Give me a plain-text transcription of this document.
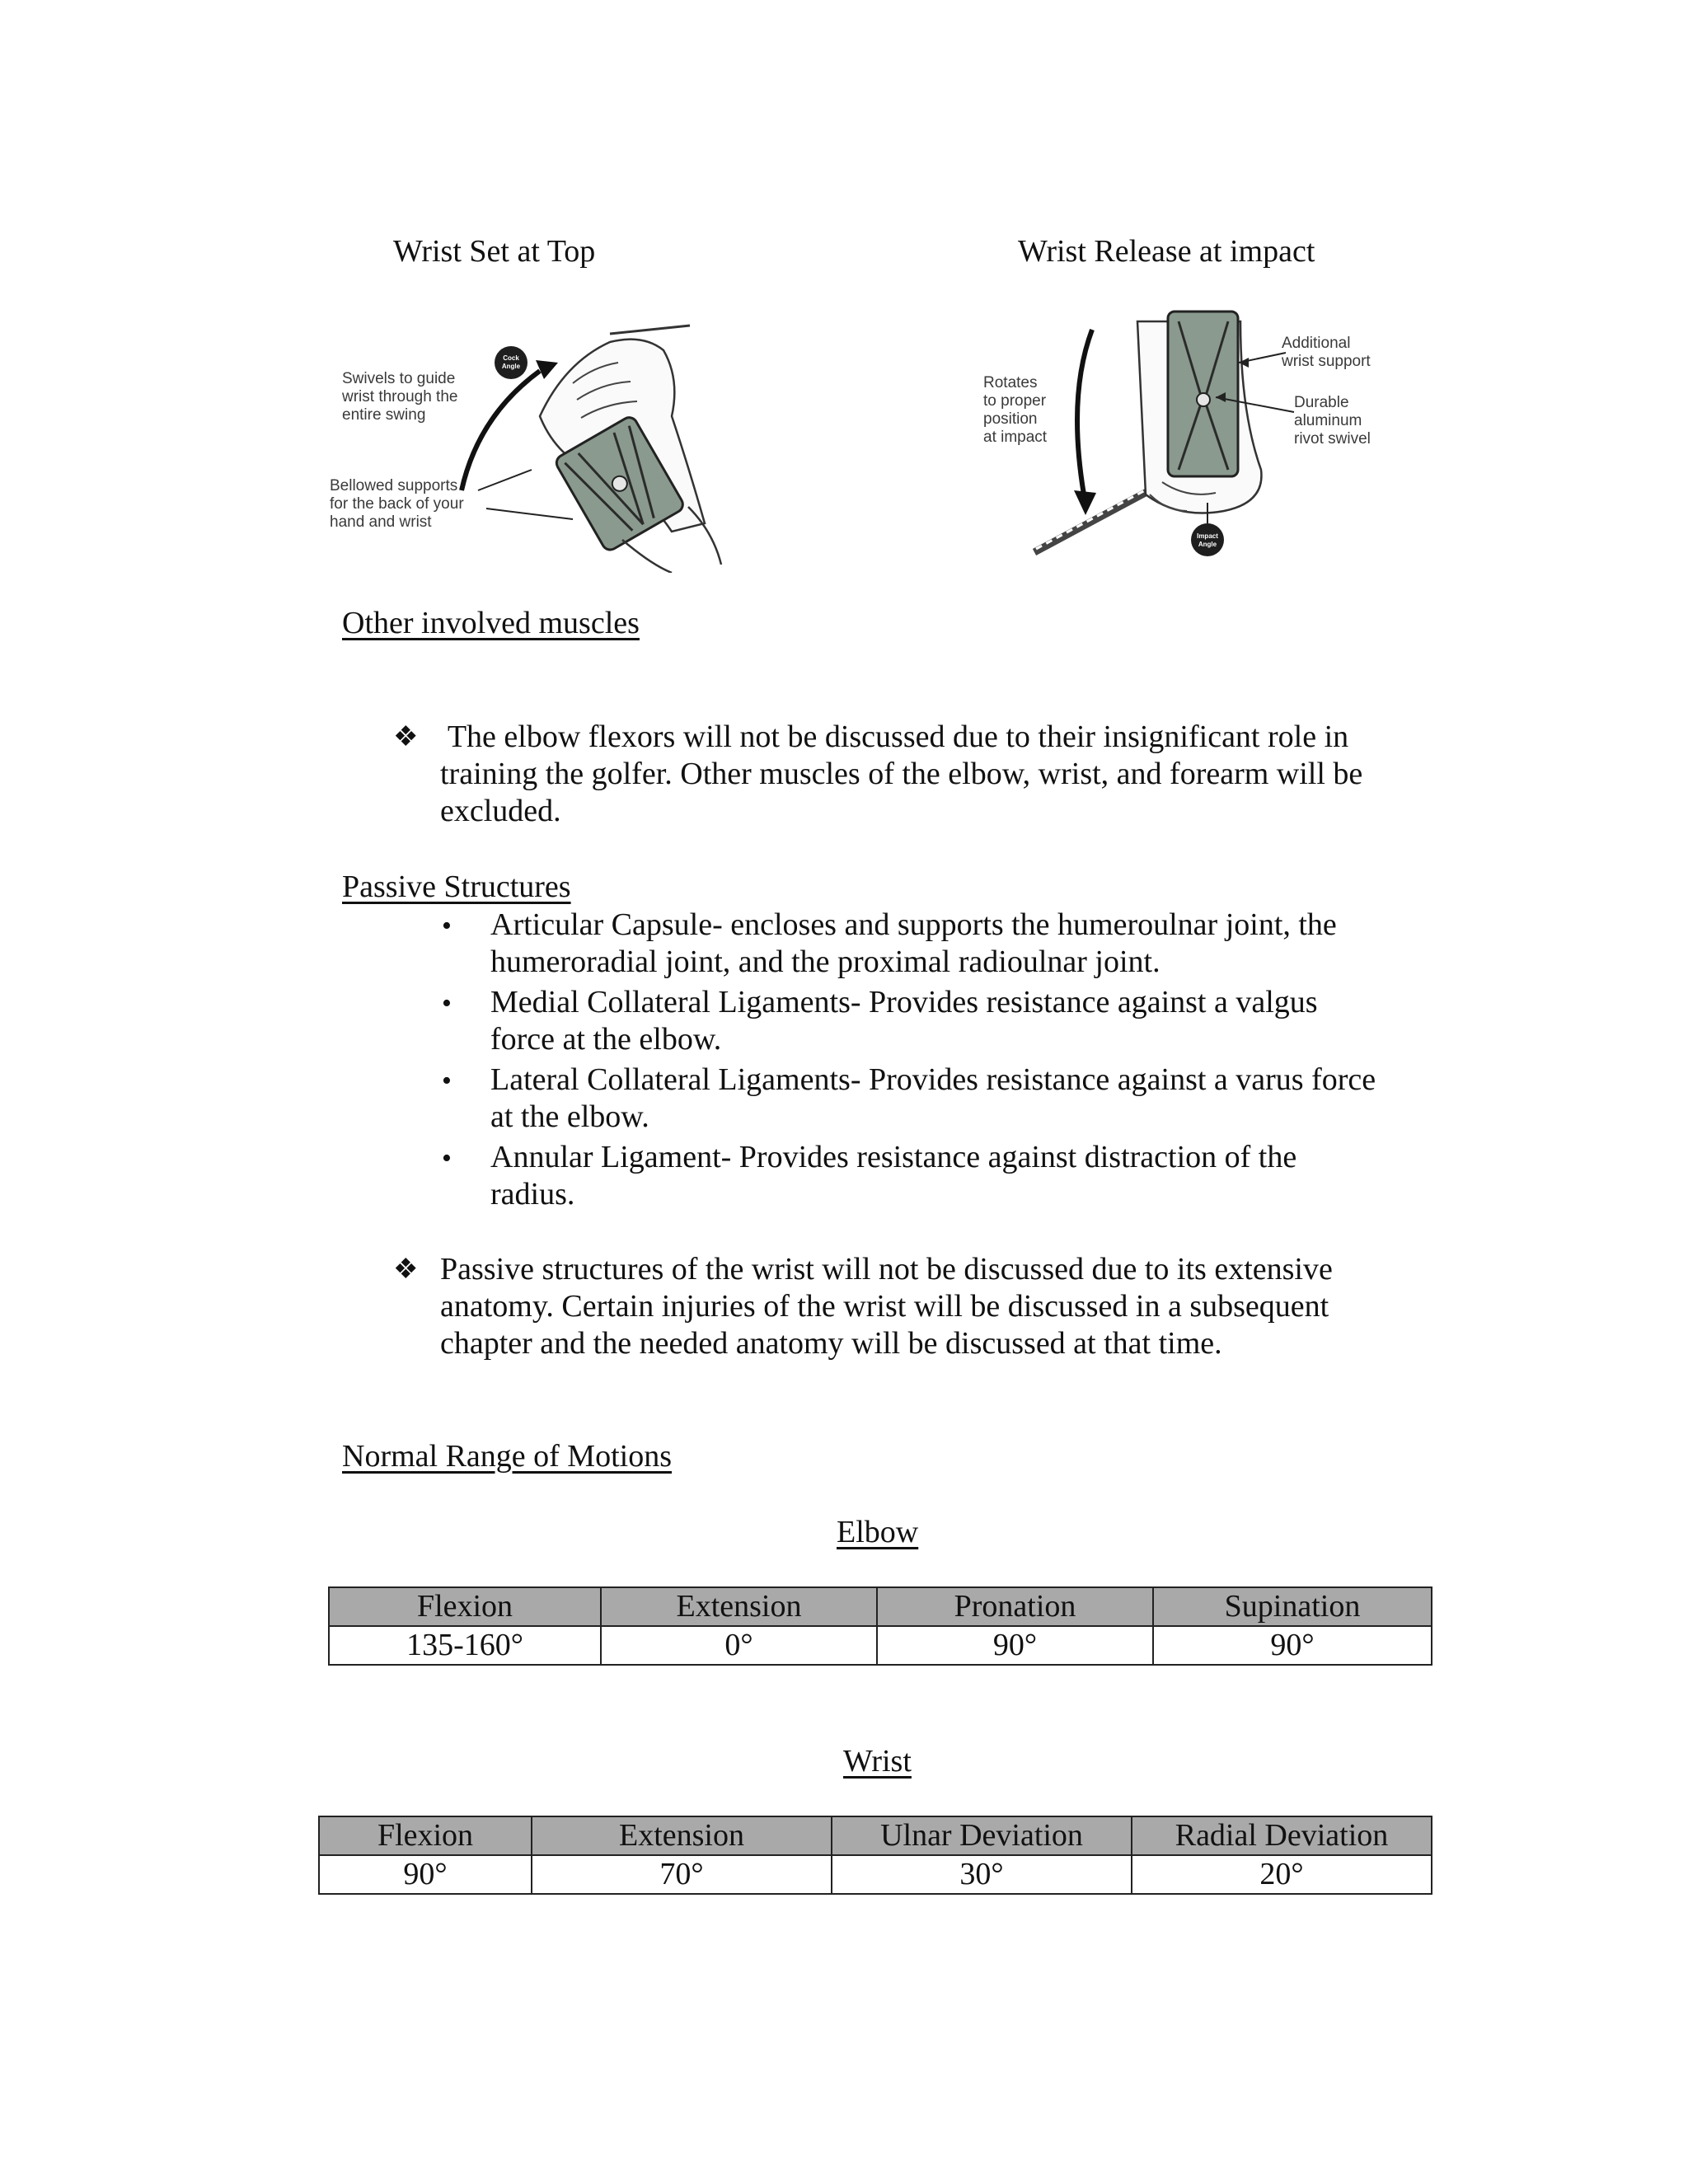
Wrist Set at Top	Wrist Release at impact
Cock
Angle
Swivels to guide
wrist through the
entire swing
Bellowed supports
for the back of your
hand and wrist
Impact
Angle
Rotates
to proper
position
at impact
Additional
wrist support
Durable
aluminum
rivot swivel
Other involved muscles
❖ The elbow flexors will not be discussed due to their insignificant role in
training the golfer. Other muscles of the elbow, wrist, and forearm will be
excluded.
Passive Structures
• Articular Capsule- encloses and supports the humeroulnar joint, the
humeroradial joint, and the proximal radioulnar joint.
• Medial Collateral Ligaments- Provides resistance against a valgus
force at the elbow.
• Lateral Collateral Ligaments- Provides resistance against a varus force
at the elbow.
• Annular Ligament- Provides resistance against distraction of the
radius.
❖ Passive structures of the wrist will not be discussed due to its extensive
anatomy. Certain injuries of the wrist will be discussed in a subsequent
chapter and the needed anatomy will be discussed at that time.
Normal Range of Motions
Elbow
Flexion	Extension	Pronation	Supination
135-160°	0°	90°	90°
Wrist
Flexion	Extension	Ulnar Deviation	Radial Deviation
90°	70°	30°	20°
